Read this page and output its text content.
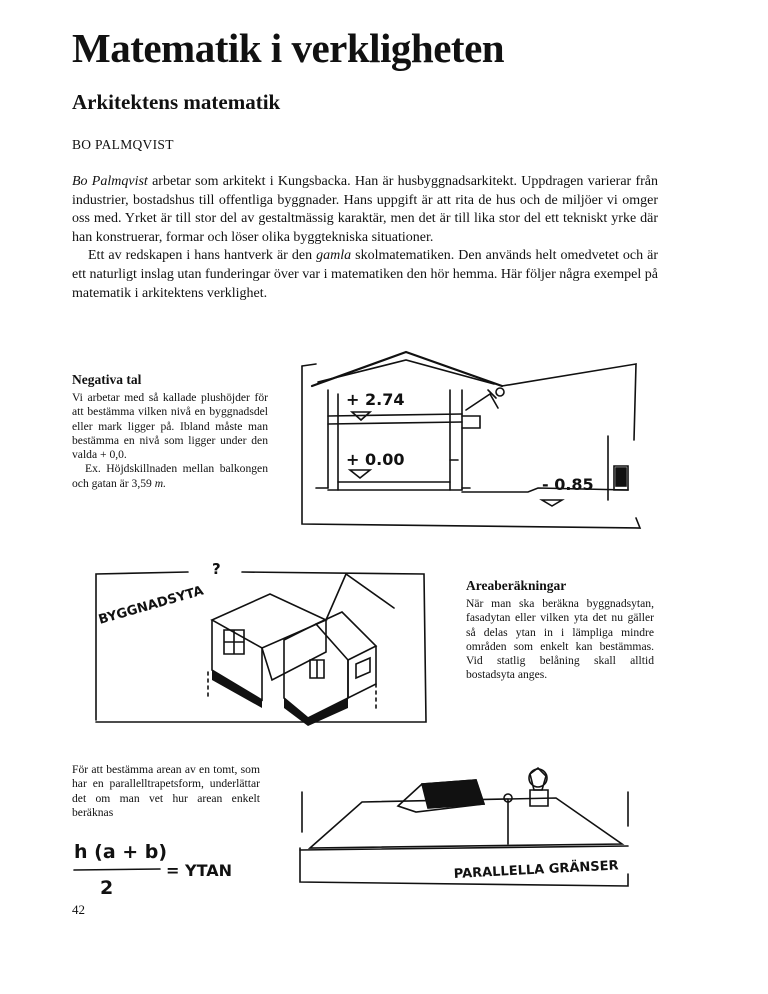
Matematik i verkligheten
Arkitektens matematik
BO PALMQVIST

Bo Palmqvist arbetar som arkitekt i Kungsbacka. Han är husbyggnadsarkitekt. Uppdragen varierar från industrier, bostadshus till offentliga byggnader. Hans uppgift är att rita de hus och de miljöer vi omger oss med. Yrket är till stor del av gestaltmässig karaktär, men det är till lika stor del ett tekniskt yrke där han konstruerar, formar och löser olika byggtekniska situationer.

Ett av redskapen i hans hantverk är den gamla skolmatematiken. Den används helt omedvetet och är ett naturligt inslag utan funderingar över var i matematiken den hör hemma. Här följer några exempel på matematik i arkitektens verklighet.

Negativa tal

Vi arbetar med så kallade plushöjder för att bestämma vilken nivå en byggnadsdel eller mark ligger på. Ibland måste man bestämma en nivå som ligger under den valda + 0,0.

Ex. Höjdskillnaden mellan balkongen och gatan är 3,59 m.

Areaberäkningar

När man ska beräkna byggnadsytan, fasadytan eller vilken yta det nu gäller så delas ytan in i lämpliga mindre områden som enkelt kan bestämmas. Vid statlig belåning skall alltid bostadsyta anges.

För att bestämma arean av en tomt, som har en parallelltrapetsform, underlättar det om man vet hur arean enkelt beräknas

+ 2.74
+ 0.00
- 0.85
BYGGNADSYTA
?
PARALLELLA GRÄNSER
h (a + b)
2
= YTAN
42
